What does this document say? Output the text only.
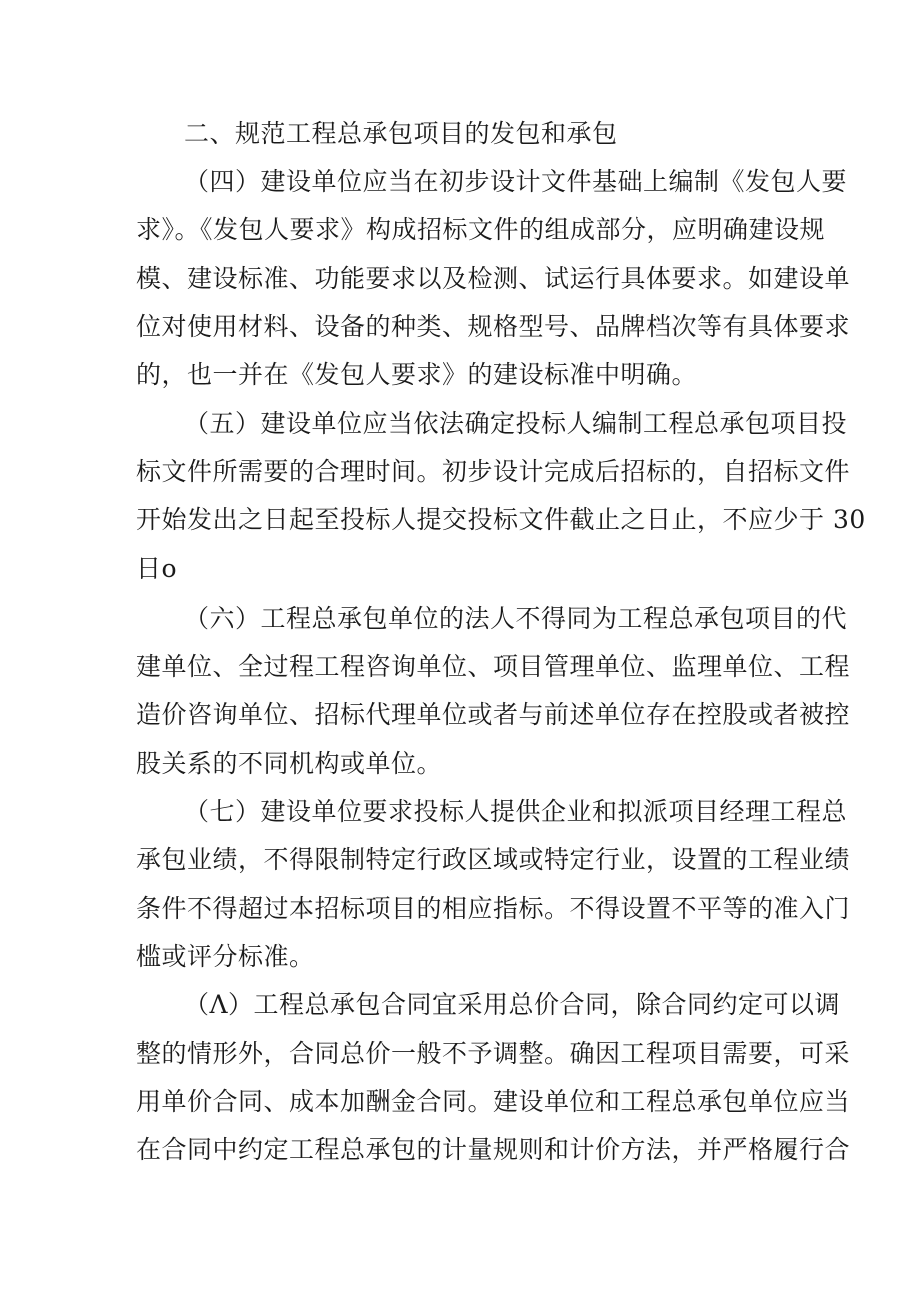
二、规范工程总承包项目的发包和承包
（四）建设单位应当在初步设计文件基础上编制《发包人要
求》。《发包人要求》构成招标文件的组成部分，应明确建设规
模、建设标准、功能要求以及检测、试运行具体要求。如建设单
位对使用材料、设备的种类、规格型号、品牌档次等有具体要求
的，也一并在《发包人要求》的建设标准中明确。
（五）建设单位应当依法确定投标人编制工程总承包项目投
标文件所需要的合理时间。初步设计完成后招标的，自招标文件
开始发出之日起至投标人提交投标文件截止之日止，不应少于 30
日o
（六）工程总承包单位的法人不得同为工程总承包项目的代
建单位、全过程工程咨询单位、项目管理单位、监理单位、工程
造价咨询单位、招标代理单位或者与前述单位存在控股或者被控
股关系的不同机构或单位。
（七）建设单位要求投标人提供企业和拟派项目经理工程总
承包业绩，不得限制特定行政区域或特定行业，设置的工程业绩
条件不得超过本招标项目的相应指标。不得设置不平等的准入门
槛或评分标准。
（Λ）工程总承包合同宜采用总价合同，除合同约定可以调
整的情形外，合同总价一般不予调整。确因工程项目需要，可采
用单价合同、成本加酬金合同。建设单位和工程总承包单位应当
在合同中约定工程总承包的计量规则和计价方法，并严格履行合
